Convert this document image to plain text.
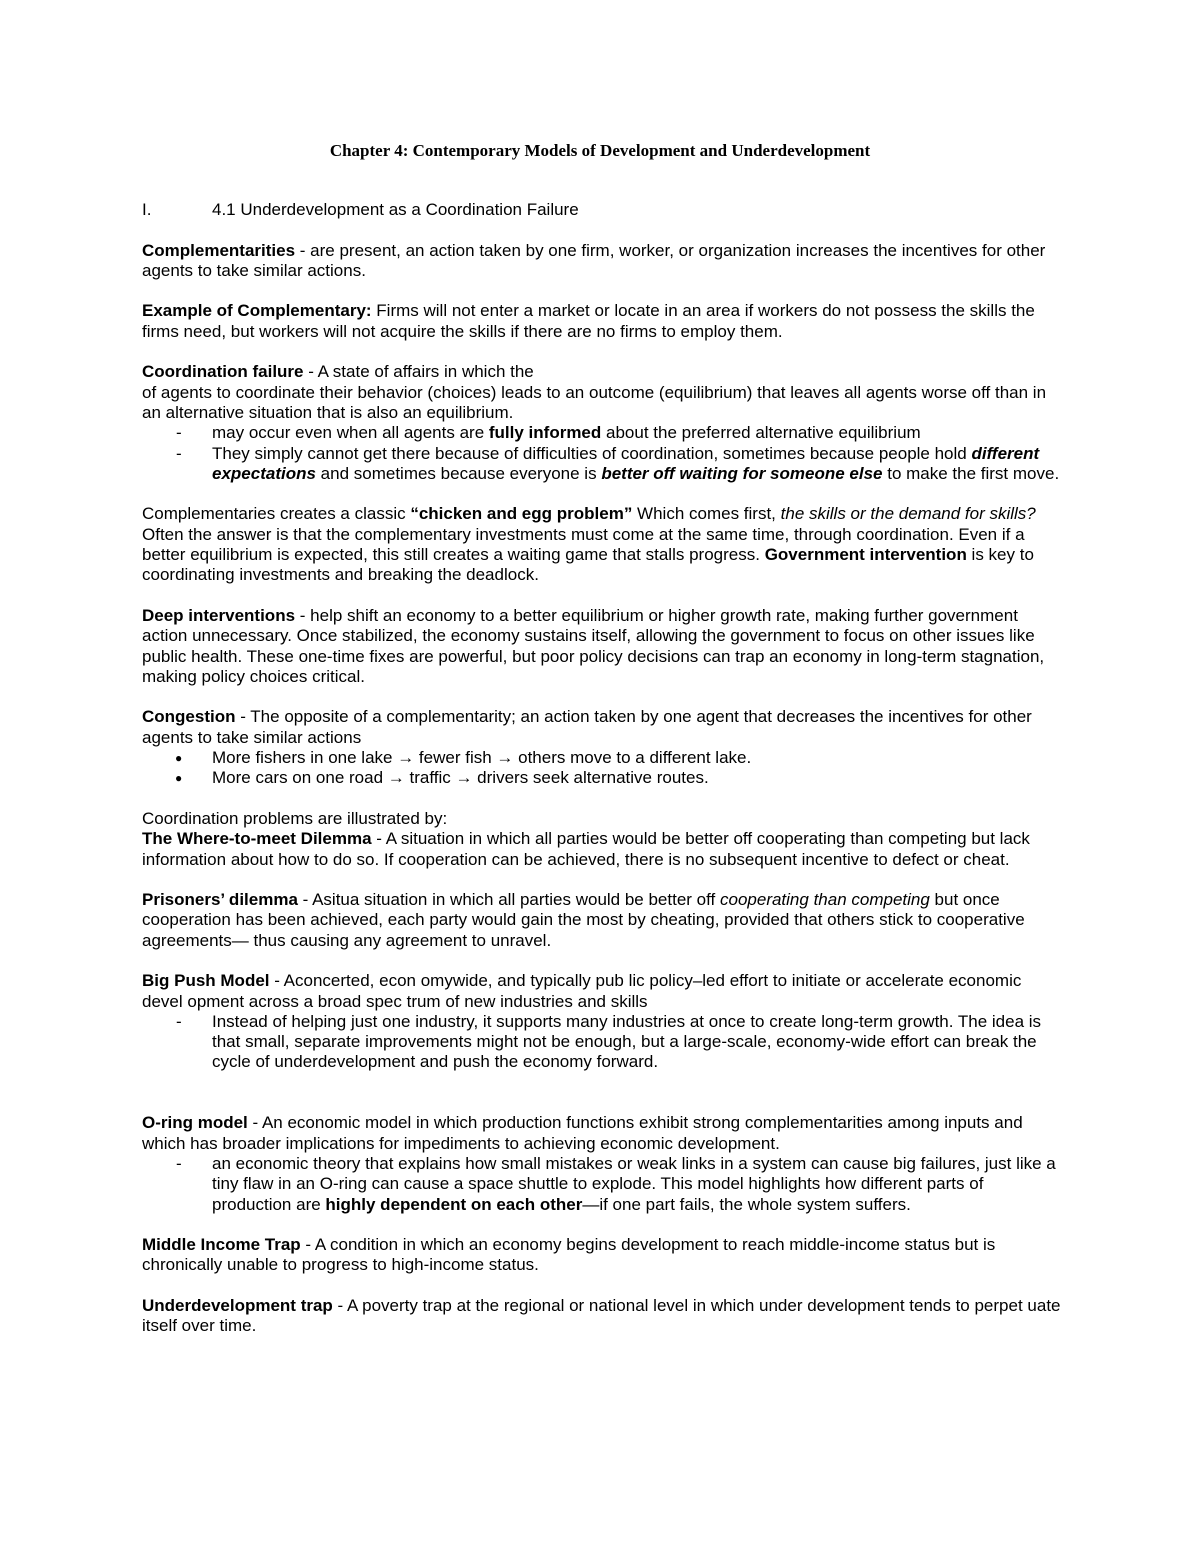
Chapter 4: Contemporary Models of Development and Underdevelopment
I.	4.1 Underdevelopment as a Coordination Failure

Complementarities - are present, an action taken by one firm, worker, or organization increases the incentives for other agents to take similar actions.

Example of Complementary: Firms will not enter a market or locate in an area if workers do not possess the skills the firms need, but workers will not acquire the skills if there are no firms to employ them.

Coordination failure - A state of affairs in which the

of agents to coordinate their behavior (choices) leads to an outcome (equilibrium) that leaves all agents worse off than in an alternative situation that is also an equilibrium.

- may occur even when all agents are fully informed about the preferred alternative equilibrium
- They simply cannot get there because of difficulties of coordination, sometimes because people hold different expectations and sometimes because everyone is better off waiting for someone else to make the first move.

Complementaries creates a classic “chicken and egg problem” Which comes first, the skills or the demand for skills? Often the answer is that the complementary investments must come at the same time, through coordination. Even if a better equilibrium is expected, this still creates a waiting game that stalls progress. Government intervention is key to coordinating investments and breaking the deadlock.

Deep interventions - help shift an economy to a better equilibrium or higher growth rate, making further government action unnecessary. Once stabilized, the economy sustains itself, allowing the government to focus on other issues like public health. These one-time fixes are powerful, but poor policy decisions can trap an economy in long-term stagnation, making policy choices critical.

Congestion - The opposite of a complementarity; an action taken by one agent that decreases the incentives for other agents to take similar actions

● More fishers in one lake → fewer fish → others move to a different lake.
● More cars on one road → traffic → drivers seek alternative routes.

Coordination problems are illustrated by:

The Where-to-meet Dilemma - A situation in which all parties would be better off cooperating than competing but lack information about how to do so. If cooperation can be achieved, there is no subsequent incentive to defect or cheat.

Prisoners’ dilemma - Asitua situation in which all parties would be better off cooperating than competing but once cooperation has been achieved, each party would gain the most by cheating, provided that others stick to cooperative agreements— thus causing any agreement to unravel.

Big Push Model - Aconcerted, econ omywide, and typically pub lic policy–led effort to initiate or accelerate economic devel opment across a broad spec trum of new industries and skills

- Instead of helping just one industry, it supports many industries at once to create long-term growth. The idea is that small, separate improvements might not be enough, but a large-scale, economy-wide effort can break the cycle of underdevelopment and push the economy forward.

O-ring model - An economic model in which production functions exhibit strong complementarities among inputs and which has broader implications for impediments to achieving economic development.

- an economic theory that explains how small mistakes or weak links in a system can cause big failures, just like a tiny flaw in an O-ring can cause a space shuttle to explode. This model highlights how different parts of production are highly dependent on each other—if one part fails, the whole system suffers.

Middle Income Trap - A condition in which an economy begins development to reach middle-income status but is chronically unable to progress to high-income status.

Underdevelopment trap - A poverty trap at the regional or national level in which under development tends to perpet uate itself over time.
